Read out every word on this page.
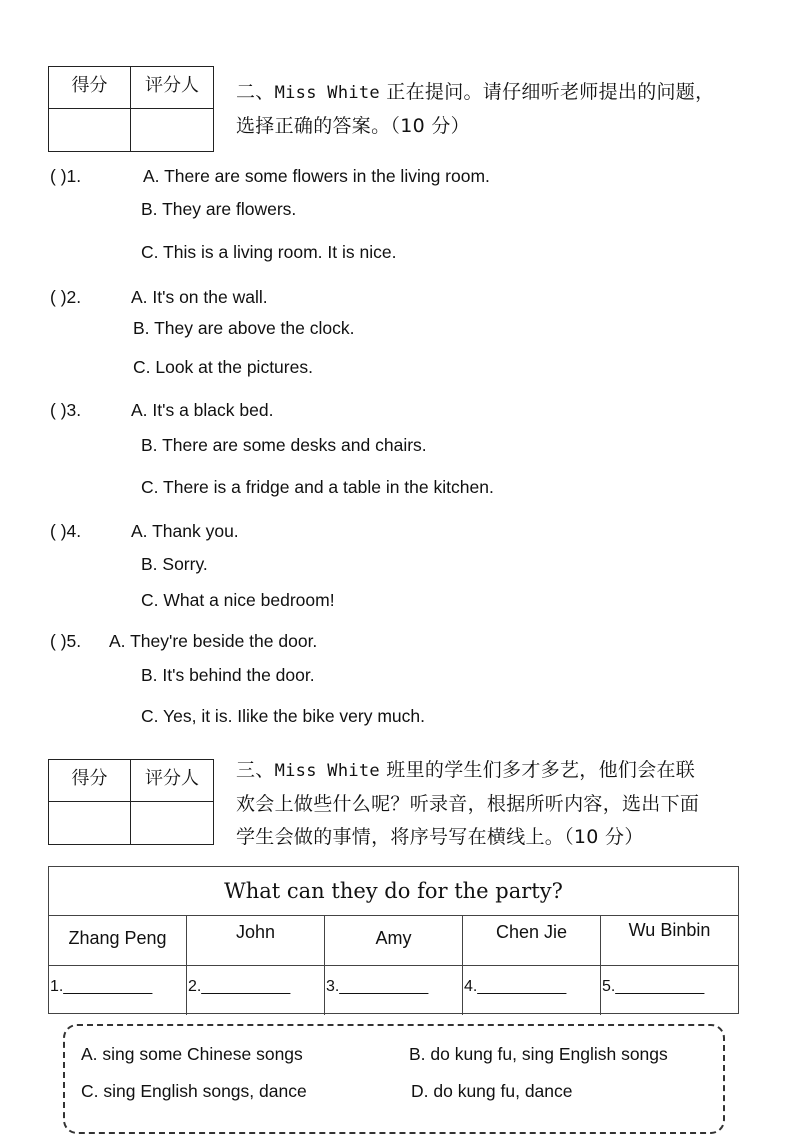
得分	评分人	二、Miss White 正在提问。请仔细听老师提出的问题，
选择正确的答案。（10 分）
( )1.	A. There are some flowers in the living room.
B. They are flowers.
C. This is a living room. It is nice.
( )2.	A. It's on the wall.
B. They are above the clock.
C. Look at the pictures.
( )3.	A. It's a black bed.
B. There are some desks and chairs.
C. There is a fridge and a table in the kitchen.
( )4.	A. Thank you.
B. Sorry.
C. What a nice bedroom!
( )5. A. They're beside the door.
B. It's behind the door.
C. Yes, it is. Ilike the bike very much.
得分	评分人	三、Miss White 班里的学生们多才多艺，他们会在联
欢会上做些什么呢？听录音，根据所听内容，选出下面
学生会做的事情，将序号写在横线上。（10 分）
What can they do for the party?
Zhang Peng	John	Amy	Chen Jie	Wu Binbin
1.__________	2.__________	3.__________	4.__________	5.__________
A. sing some Chinese songs	B. do kung fu, sing English songs
C. sing English songs, dance	D. do kung fu, dance
